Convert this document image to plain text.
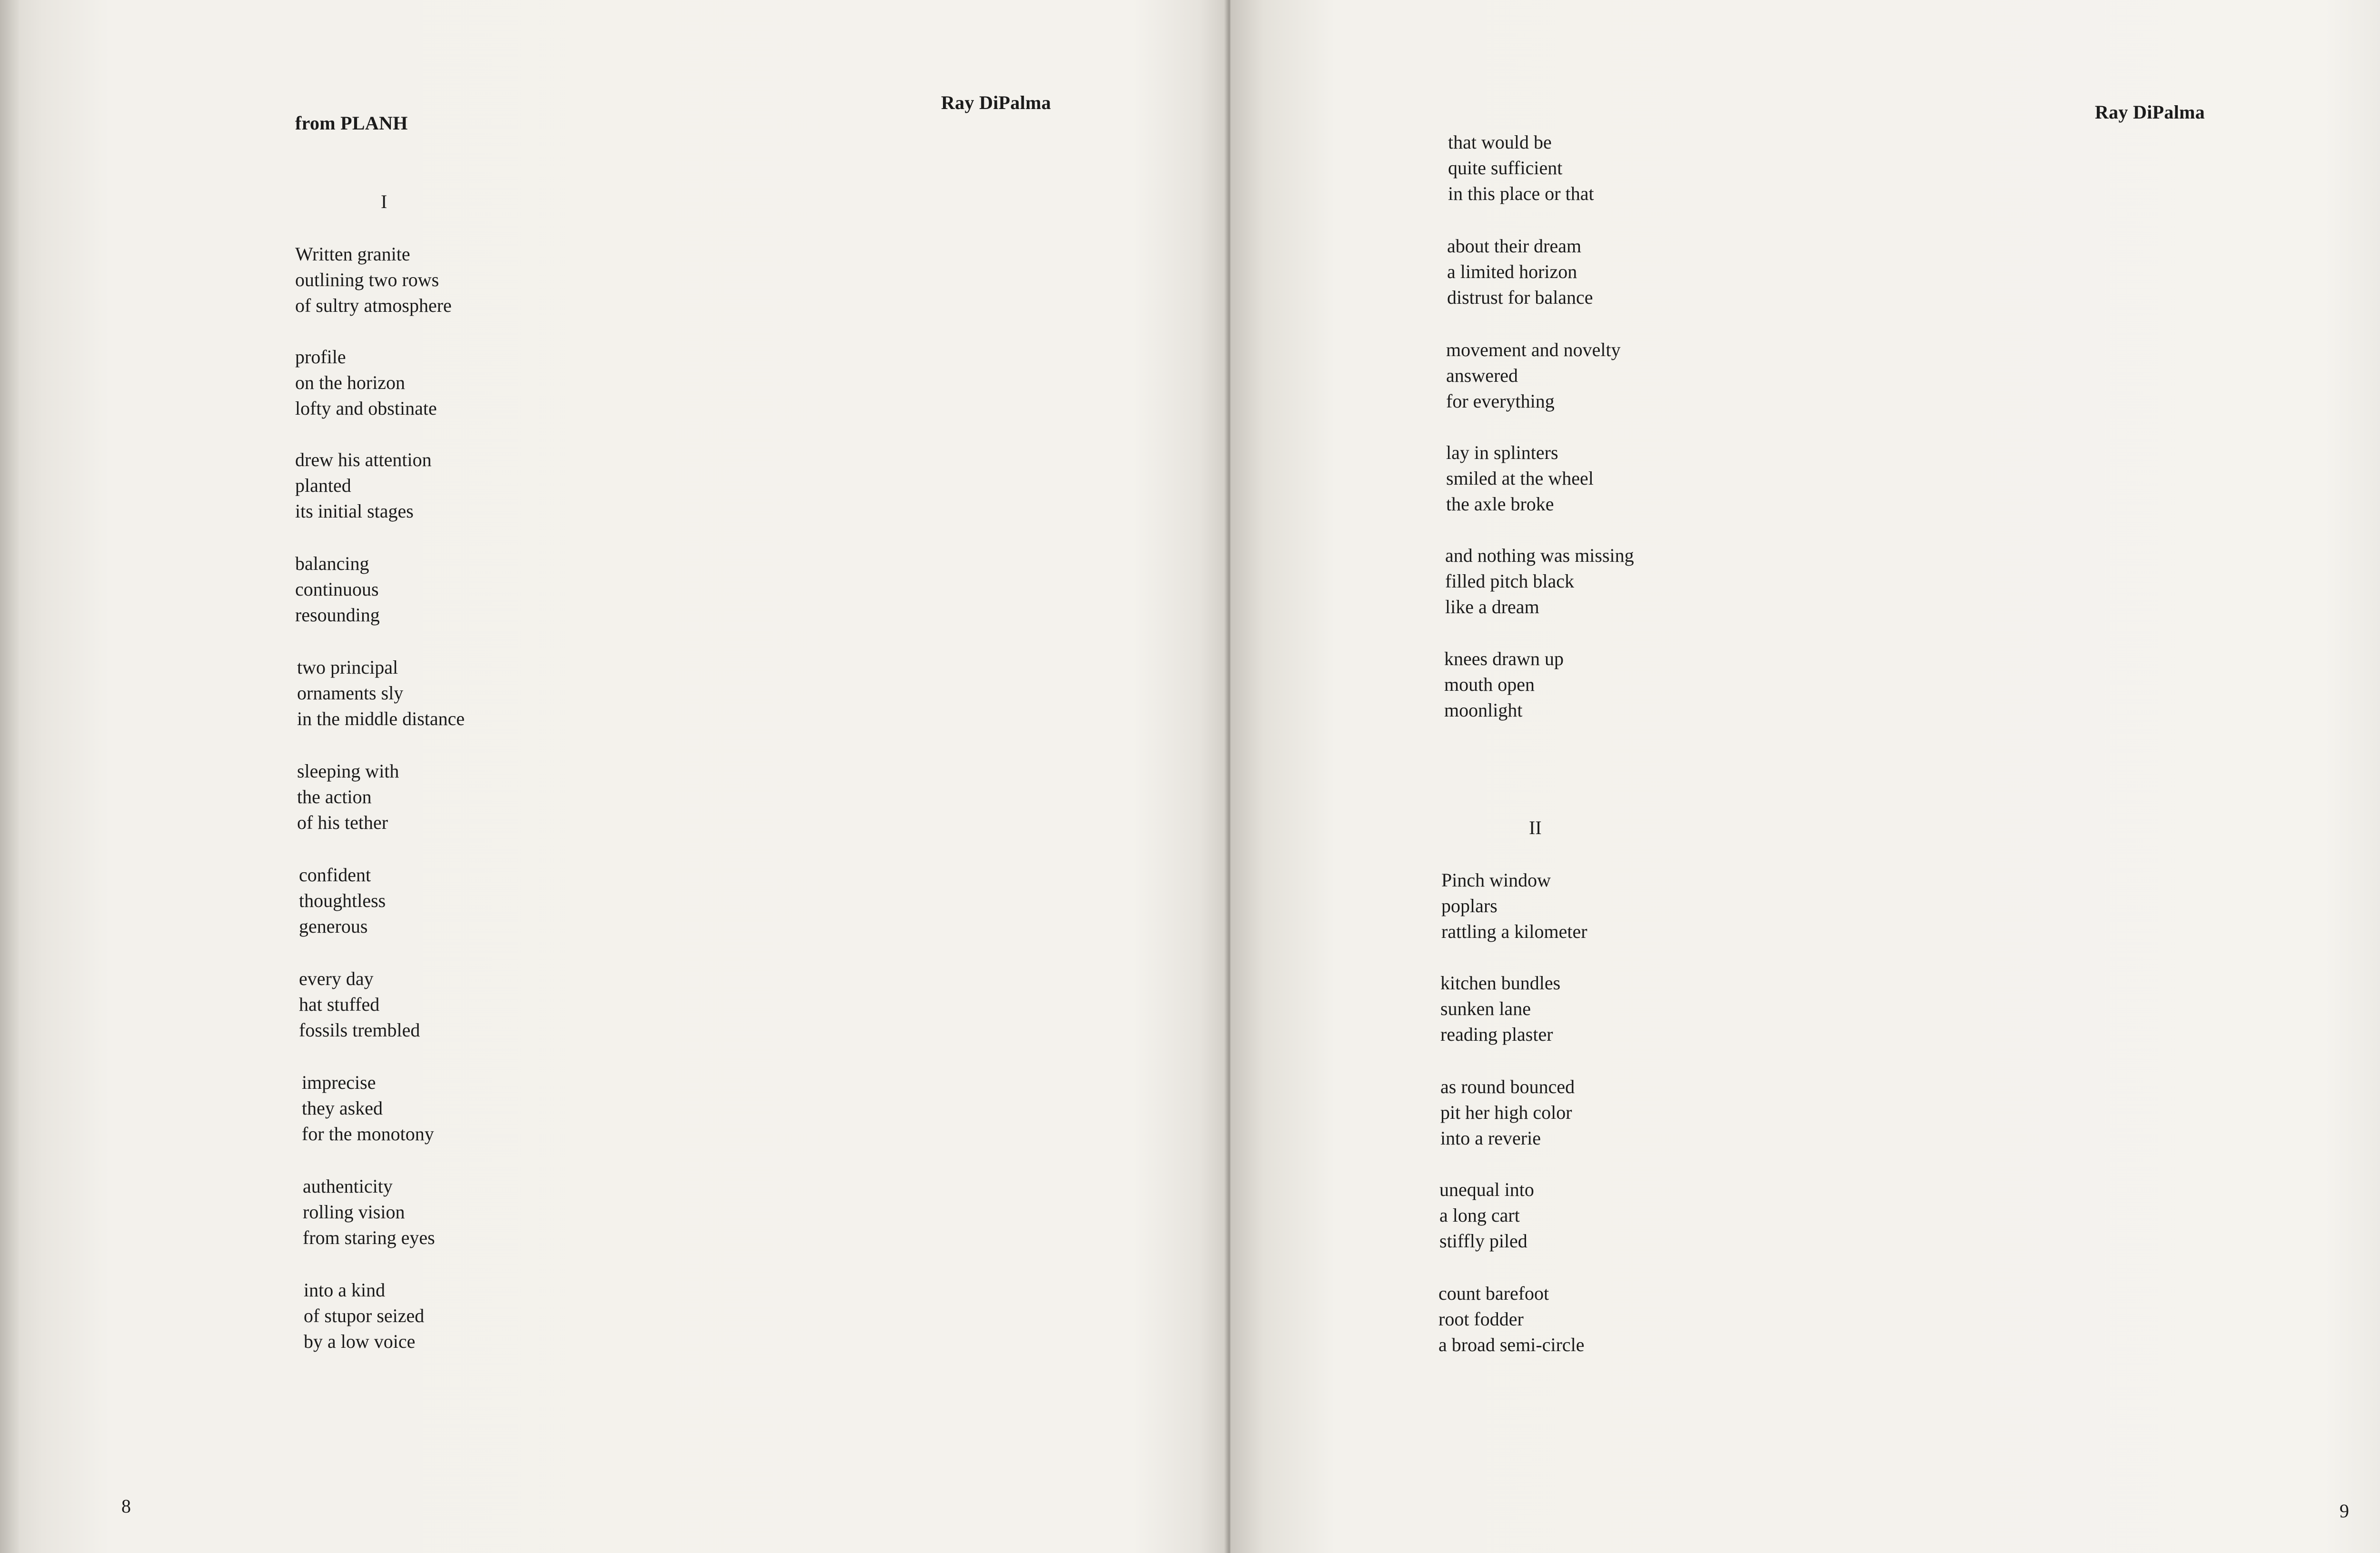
from PLANH
Ray DiPalma
I
Written granite
outlining two rows
of sultry atmosphere
profile
on the horizon
lofty and obstinate
drew his attention
planted
its initial stages
balancing
continuous
resounding
two principal
ornaments sly
in the middle distance
sleeping with
the action
of his tether
confident
thoughtless
generous
every day
hat stuffed
fossils trembled
imprecise
they asked
for the monotony
authenticity
rolling vision
from staring eyes
into a kind
of stupor seized
by a low voice
8
Ray DiPalma
that would be
quite sufficient
in this place or that
about their dream
a limited horizon
distrust for balance
movement and novelty
answered
for everything
lay in splinters
smiled at the wheel
the axle broke
and nothing was missing
filled pitch black
like a dream
knees drawn up
mouth open
moonlight
II
Pinch window
poplars
rattling a kilometer
kitchen bundles
sunken lane
reading plaster
as round bounced
pit her high color
into a reverie
unequal into
a long cart
stiffly piled
count barefoot
root fodder
a broad semi-circle
9
